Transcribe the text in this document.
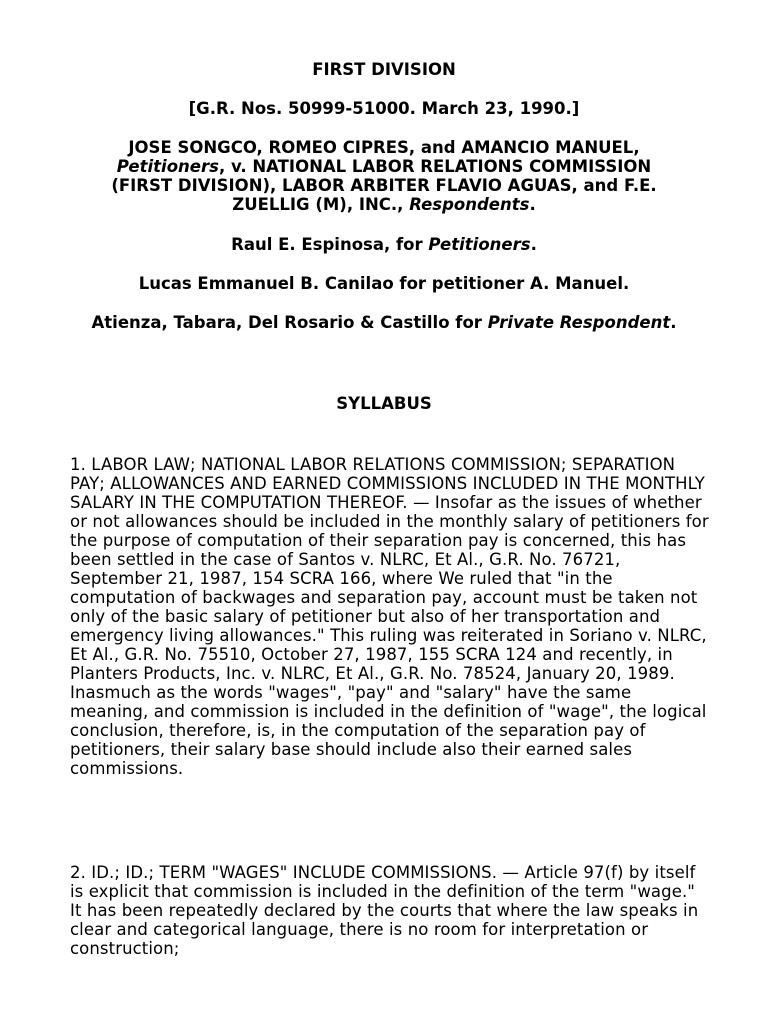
FIRST DIVISION

[G.R. Nos. 50999-51000. March 23, 1990.]

JOSE SONGCO, ROMEO CIPRES, and AMANCIO MANUEL, Petitioners, v. NATIONAL LABOR RELATIONS COMMISSION (FIRST DIVISION), LABOR ARBITER FLAVIO AGUAS, and F.E. ZUELLIG (M), INC., Respondents.

Raul E. Espinosa, for Petitioners.

Lucas Emmanuel B. Canilao for petitioner A. Manuel.

Atienza, Tabara, Del Rosario & Castillo for Private Respondent.

SYLLABUS

1. LABOR LAW; NATIONAL LABOR RELATIONS COMMISSION; SEPARATION PAY; ALLOWANCES AND EARNED COMMISSIONS INCLUDED IN THE MONTHLY SALARY IN THE COMPUTATION THEREOF. — Insofar as the issues of whether or not allowances should be included in the monthly salary of petitioners for the purpose of computation of their separation pay is concerned, this has been settled in the case of Santos v. NLRC, Et Al., G.R. No. 76721, September 21, 1987, 154 SCRA 166, where We ruled that "in the computation of backwages and separation pay, account must be taken not only of the basic salary of petitioner but also of her transportation and emergency living allowances." This ruling was reiterated in Soriano v. NLRC, Et Al., G.R. No. 75510, October 27, 1987, 155 SCRA 124 and recently, in Planters Products, Inc. v. NLRC, Et Al., G.R. No. 78524, January 20, 1989. Inasmuch as the words "wages", "pay" and "salary" have the same meaning, and commission is included in the definition of "wage", the logical conclusion, therefore, is, in the computation of the separation pay of petitioners, their salary base should include also their earned sales commissions.

2. ID.; ID.; TERM "WAGES" INCLUDE COMMISSIONS. — Article 97(f) by itself is explicit that commission is included in the definition of the term "wage." It has been repeatedly declared by the courts that where the law speaks in clear and categorical language, there is no room for interpretation or construction;
